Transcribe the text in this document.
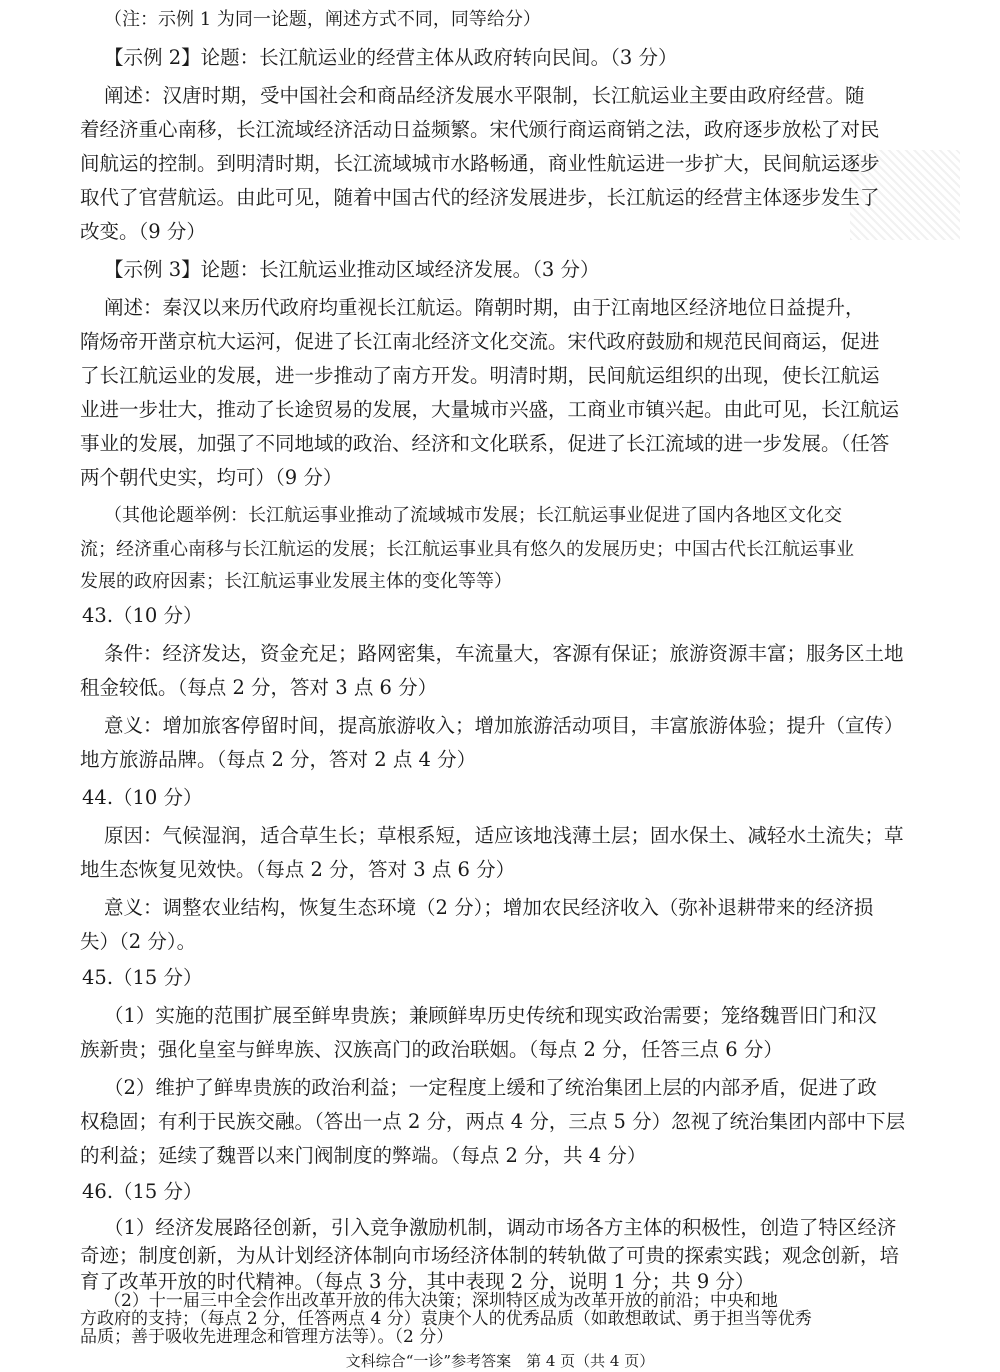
（注：示例 1 为同一论题，阐述方式不同，同等给分）
【示例 2】论题：长江航运业的经营主体从政府转向民间。（3 分）
阐述：汉唐时期，受中国社会和商品经济发展水平限制，长江航运业主要由政府经营。随
着经济重心南移，长江流域经济活动日益频繁。宋代颁行商运商销之法，政府逐步放松了对民
间航运的控制。到明清时期，长江流域城市水路畅通，商业性航运进一步扩大，民间航运逐步
取代了官营航运。由此可见，随着中国古代的经济发展进步，长江航运的经营主体逐步发生了
改变。（9 分）
【示例 3】论题：长江航运业推动区域经济发展。（3 分）
阐述：秦汉以来历代政府均重视长江航运。隋朝时期，由于江南地区经济地位日益提升，
隋炀帝开凿京杭大运河，促进了长江南北经济文化交流。宋代政府鼓励和规范民间商运，促进
了长江航运业的发展，进一步推动了南方开发。明清时期，民间航运组织的出现，使长江航运
业进一步壮大，推动了长途贸易的发展，大量城市兴盛，工商业市镇兴起。由此可见，长江航运
事业的发展，加强了不同地域的政治、经济和文化联系，促进了长江流域的进一步发展。（任答
两个朝代史实，均可）（9 分）
（其他论题举例：长江航运事业推动了流域城市发展；长江航运事业促进了国内各地区文化交
流；经济重心南移与长江航运的发展；长江航运事业具有悠久的发展历史；中国古代长江航运事业
发展的政府因素；长江航运事业发展主体的变化等等）
43.（10 分）
条件：经济发达，资金充足；路网密集，车流量大，客源有保证；旅游资源丰富；服务区土地
租金较低。（每点 2 分，答对 3 点 6 分）
意义：增加旅客停留时间，提高旅游收入；增加旅游活动项目，丰富旅游体验；提升（宣传）
地方旅游品牌。（每点 2 分，答对 2 点 4 分）
44.（10 分）
原因：气候湿润，适合草生长；草根系短，适应该地浅薄土层；固水保土、减轻水土流失；草
地生态恢复见效快。（每点 2 分，答对 3 点 6 分）
意义：调整农业结构，恢复生态环境（2 分）；增加农民经济收入（弥补退耕带来的经济损
失）（2 分）。
45.（15 分）
（1）实施的范围扩展至鲜卑贵族；兼顾鲜卑历史传统和现实政治需要；笼络魏晋旧门和汉
族新贵；强化皇室与鲜卑族、汉族高门的政治联姻。（每点 2 分，任答三点 6 分）
（2）维护了鲜卑贵族的政治利益；一定程度上缓和了统治集团上层的内部矛盾，促进了政
权稳固；有利于民族交融。（答出一点 2 分，两点 4 分，三点 5 分）忽视了统治集团内部中下层
的利益；延续了魏晋以来门阀制度的弊端。（每点 2 分，共 4 分）
46.（15 分）
（1）经济发展路径创新，引入竞争激励机制，调动市场各方主体的积极性，创造了特区经济
奇迹；制度创新，为从计划经济体制向市场经济体制的转轨做了可贵的探索实践；观念创新，培
育了改革开放的时代精神。（每点 3 分，其中表现 2 分，说明 1 分；共 9 分）
（2）十一届三中全会作出改革开放的伟大决策；深圳特区成为改革开放的前沿；中央和地
方政府的支持；（每点 2 分，任答两点 4 分）袁庚个人的优秀品质（如敢想敢试、勇于担当等优秀
品质；善于吸收先进理念和管理方法等）。（2 分）
文科综合“一诊”参考答案　第 4 页（共 4 页）
